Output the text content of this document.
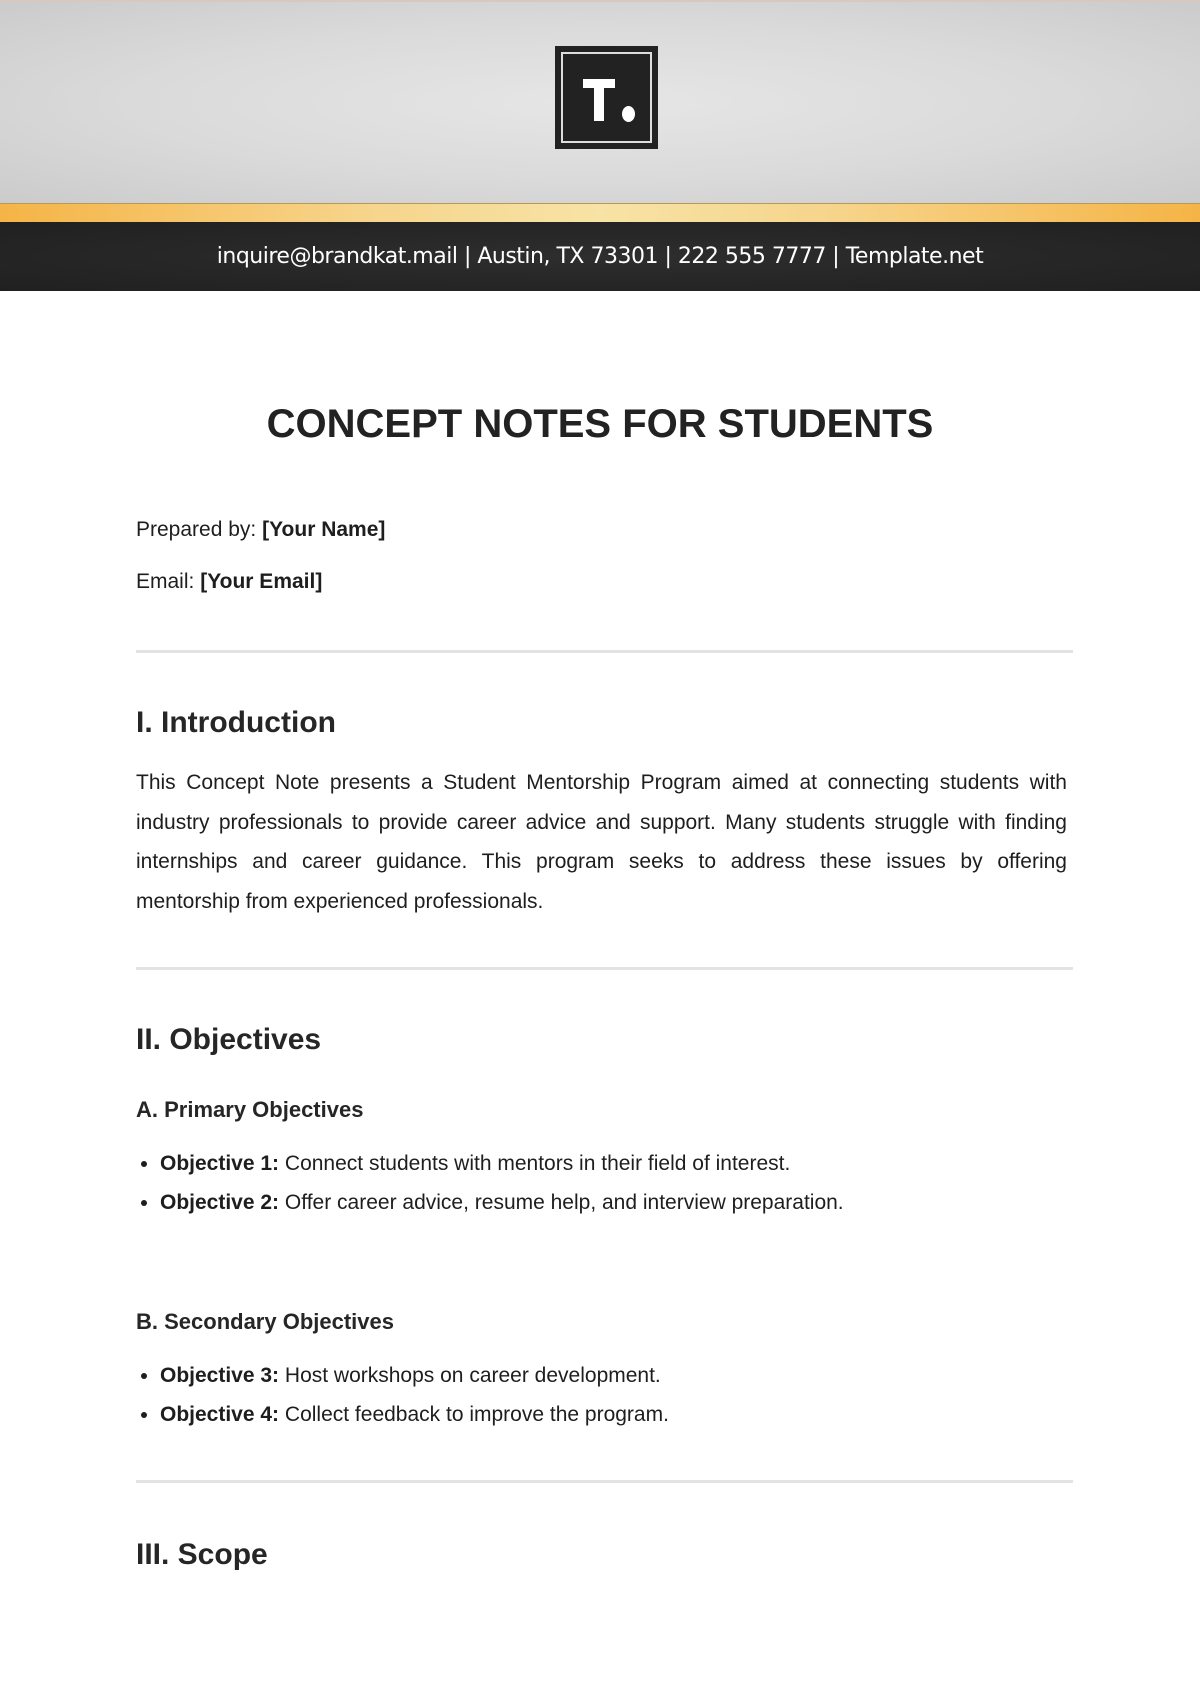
inquire@brandkat.mail | Austin, TX 73301 | 222 555 7777 | Template.net
CONCEPT NOTES FOR STUDENTS
Prepared by: [Your Name]
Email: [Your Email]
I. Introduction
This Concept Note presents a Student Mentorship Program aimed at connecting students with industry professionals to provide career advice and support. Many students struggle with finding internships and career guidance. This program seeks to address these issues by offering mentorship from experienced professionals.
II. Objectives
A. Primary Objectives
• Objective 1: Connect students with mentors in their field of interest.
• Objective 2: Offer career advice, resume help, and interview preparation.
B. Secondary Objectives
• Objective 3: Host workshops on career development.
• Objective 4: Collect feedback to improve the program.
III. Scope
